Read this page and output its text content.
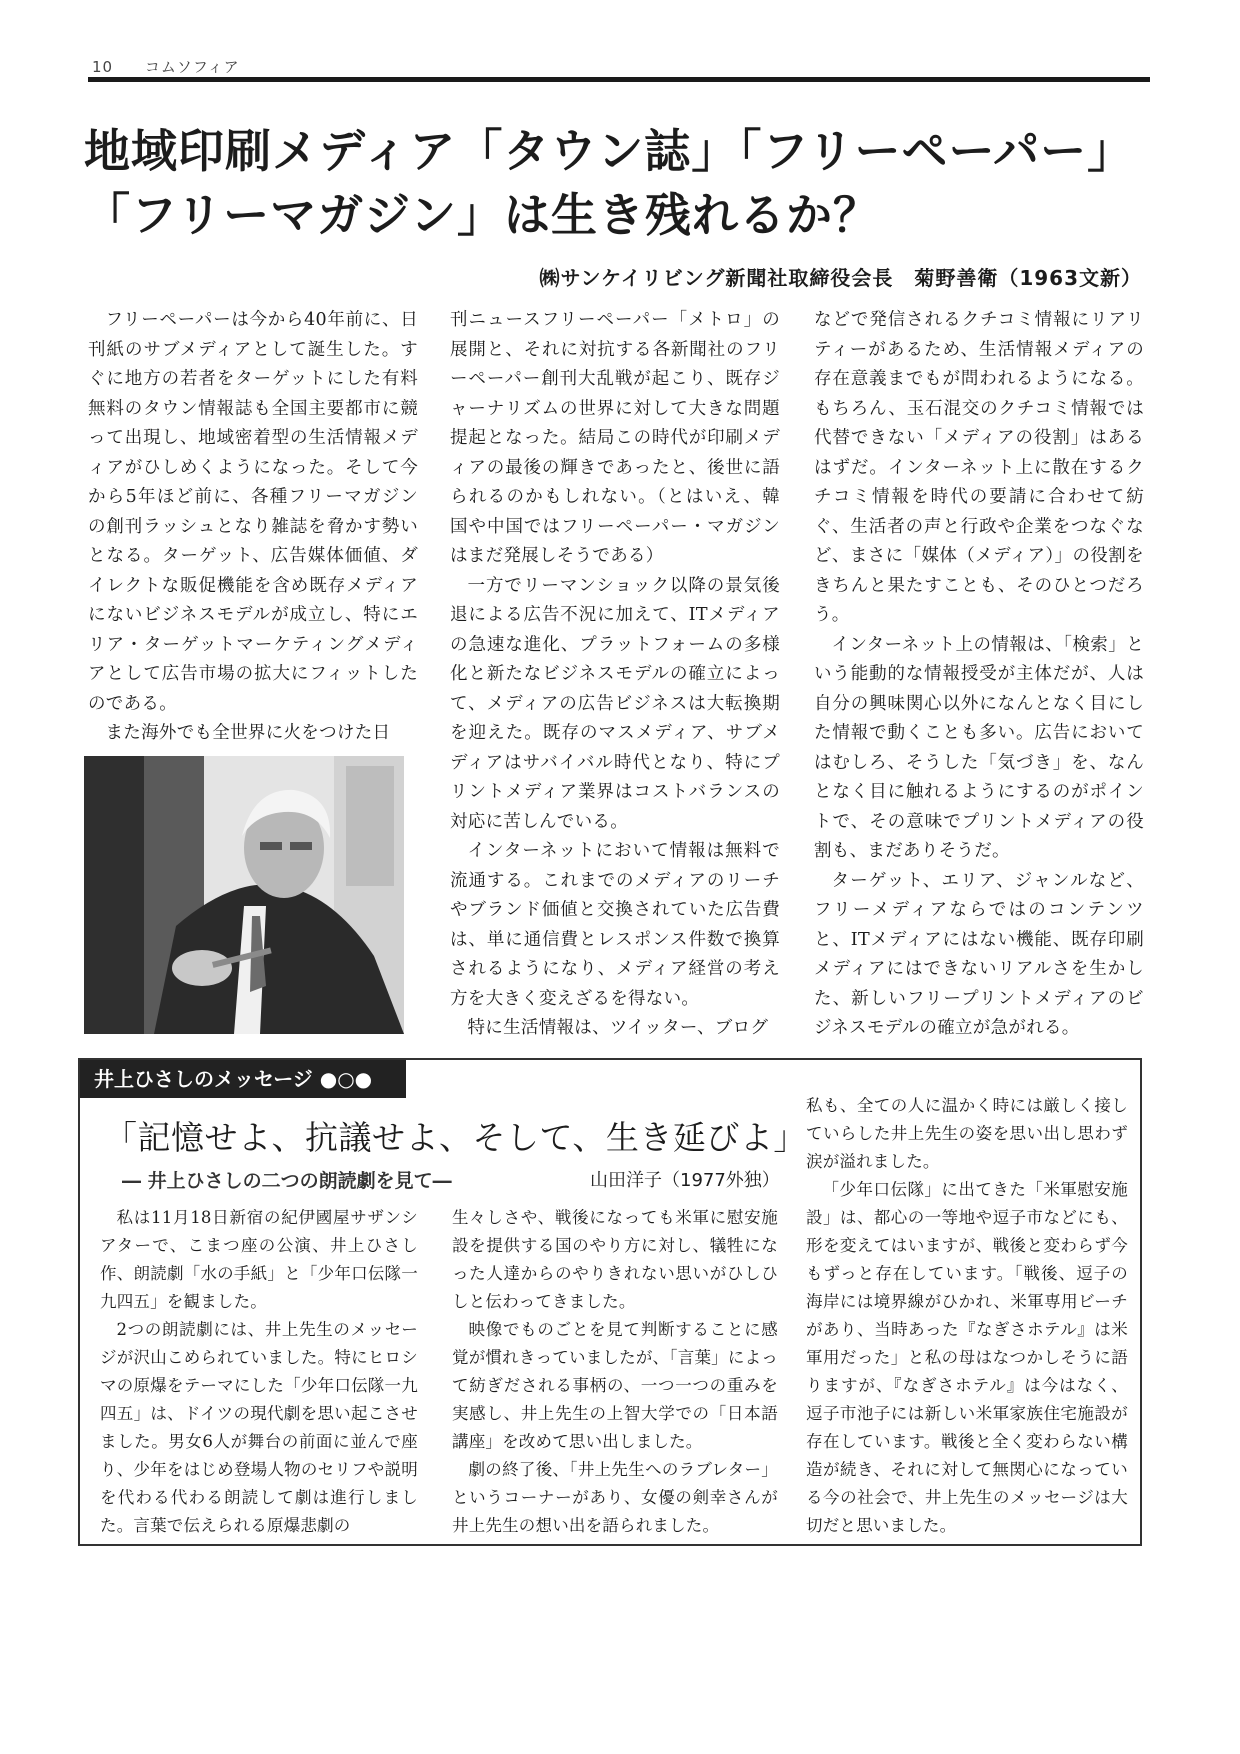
10 コムソフィア
地域印刷メディア「タウン誌」「フリーペーパー」
「フリーマガジン」は生き残れるか？
㈱サンケイリビング新聞社取締役会長　菊野善衛（1963文新）

フリーペーパーは今から40年前に、日刊紙のサブメディアとして誕生した。すぐに地方の若者をターゲットにした有料無料のタウン情報誌も全国主要都市に競って出現し、地域密着型の生活情報メディアがひしめくようになった。そして今から5年ほど前に、各種フリーマガジンの創刊ラッシュとなり雑誌を脅かす勢いとなる。ターゲット、広告媒体価値、ダイレクトな販促機能を含め既存メディアにないビジネスモデルが成立し、特にエリア・ターゲットマーケティングメディアとして広告市場の拡大にフィットしたのである。

また海外でも全世界に火をつけた日

刊ニュースフリーペーパー「メトロ」の展開と、それに対抗する各新聞社のフリーペーパー創刊大乱戦が起こり、既存ジャーナリズムの世界に対して大きな問題提起となった。結局この時代が印刷メディアの最後の輝きであったと、後世に語られるのかもしれない。（とはいえ、韓国や中国ではフリーペーパー・マガジンはまだ発展しそうである）

一方でリーマンショック以降の景気後退による広告不況に加えて、ITメディアの急速な進化、プラットフォームの多様化と新たなビジネスモデルの確立によって、メディアの広告ビジネスは大転換期を迎えた。既存のマスメディア、サブメディアはサバイバル時代となり、特にプリントメディア業界はコストバランスの対応に苦しんでいる。

インターネットにおいて情報は無料で流通する。これまでのメディアのリーチやブランド価値と交換されていた広告費は、単に通信費とレスポンス件数で換算されるようになり、メディア経営の考え方を大きく変えざるを得ない。

特に生活情報は、ツイッター、ブログ

などで発信されるクチコミ情報にリアリティーがあるため、生活情報メディアの存在意義までもが問われるようになる。もちろん、玉石混交のクチコミ情報では代替できない「メディアの役割」はあるはずだ。インターネット上に散在するクチコミ情報を時代の要請に合わせて紡ぐ、生活者の声と行政や企業をつなぐなど、まさに「媒体（メディア）」の役割をきちんと果たすことも、そのひとつだろう。

インターネット上の情報は、「検索」という能動的な情報授受が主体だが、人は自分の興味関心以外になんとなく目にした情報で動くことも多い。広告においてはむしろ、そうした「気づき」を、なんとなく目に触れるようにするのがポイントで、その意味でプリントメディアの役割も、まだありそうだ。

ターゲット、エリア、ジャンルなど、フリーメディアならではのコンテンツと、ITメディアにはない機能、既存印刷メディアにはできないリアルさを生かした、新しいフリープリントメディアのビジネスモデルの確立が急がれる。

井上ひさしのメッセージ ●○●
「記憶せよ、抗議せよ、そして、生き延びよ」
― 井上ひさしの二つの朗読劇を見て―	山田洋子（1977外独）

私は11月18日新宿の紀伊國屋サザンシアターで、こまつ座の公演、井上ひさし作、朗読劇「水の手紙」と「少年口伝隊一九四五」を観ました。

2つの朗読劇には、井上先生のメッセージが沢山こめられていました。特にヒロシマの原爆をテーマにした「少年口伝隊一九四五」は、ドイツの現代劇を思い起こさせました。男女6人が舞台の前面に並んで座り、少年をはじめ登場人物のセリフや説明を代わる代わる朗読して劇は進行しました。言葉で伝えられる原爆悲劇の

生々しさや、戦後になっても米軍に慰安施設を提供する国のやり方に対し、犠牲になった人達からのやりきれない思いがひしひしと伝わってきました。

映像でものごとを見て判断することに感覚が慣れきっていましたが、「言葉」によって紡ぎだされる事柄の、一つ一つの重みを実感し、井上先生の上智大学での「日本語講座」を改めて思い出しました。

劇の終了後、「井上先生へのラブレター」というコーナーがあり、女優の剣幸さんが井上先生の想い出を語られました。

私も、全ての人に温かく時には厳しく接していらした井上先生の姿を思い出し思わず涙が溢れました。

「少年口伝隊」に出てきた「米軍慰安施設」は、都心の一等地や逗子市などにも、形を変えてはいますが、戦後と変わらず今もずっと存在しています。「戦後、逗子の海岸には境界線がひかれ、米軍専用ビーチがあり、当時あった『なぎさホテル』は米軍用だった」と私の母はなつかしそうに語りますが、『なぎさホテル』は今はなく、逗子市池子には新しい米軍家族住宅施設が存在しています。戦後と全く変わらない構造が続き、それに対して無関心になっている今の社会で、井上先生のメッセージは大切だと思いました。
